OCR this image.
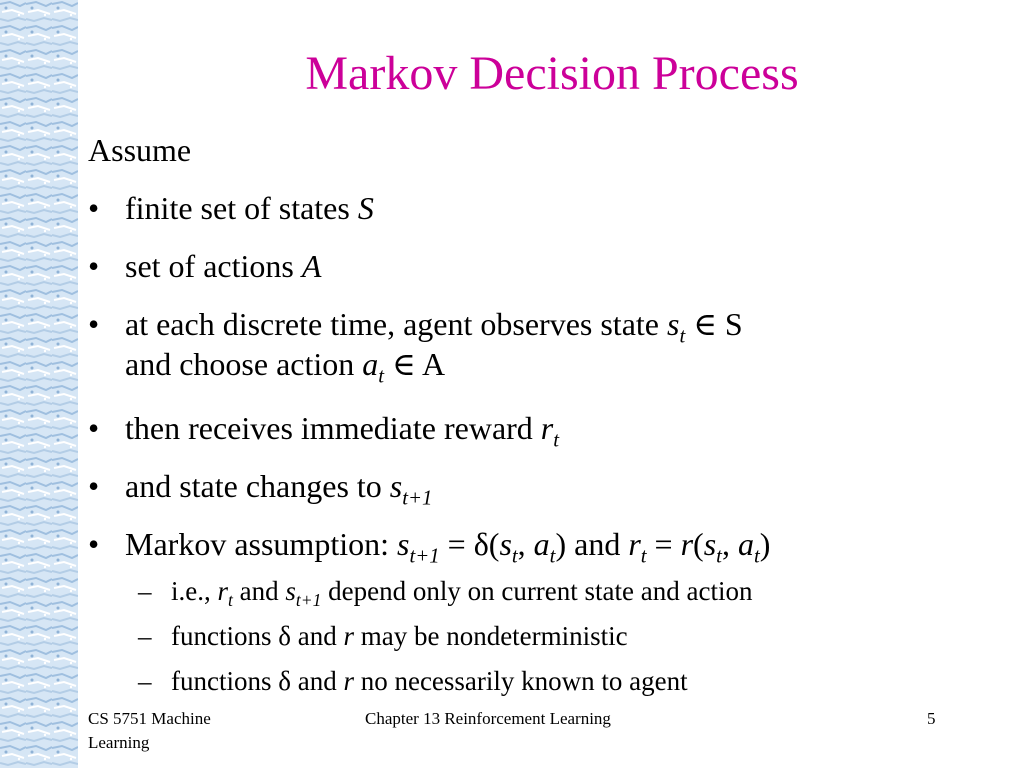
Markov Decision Process
Assume
• finite set of states S
• set of actions A
• at each discrete time, agent observes state $s_t$ ∈ S
and choose action $a_t$ ∈ A
• then receives immediate reward $r_t$
• and state changes to $s_{t+1}$
• Markov assumption: $s_{t+1} = \delta(s_t$, $a_t$) and $r_t = r(s_t$, $a_t$)
– i.e., $r_t$ and $s_{t+1}$ depend only on current state and action
– functions δ and r may be nondeterministic
– functions δ and r no necessarily known to agent
CS 5751 Machine Learning
Chapter 13 Reinforcement Learning	5
